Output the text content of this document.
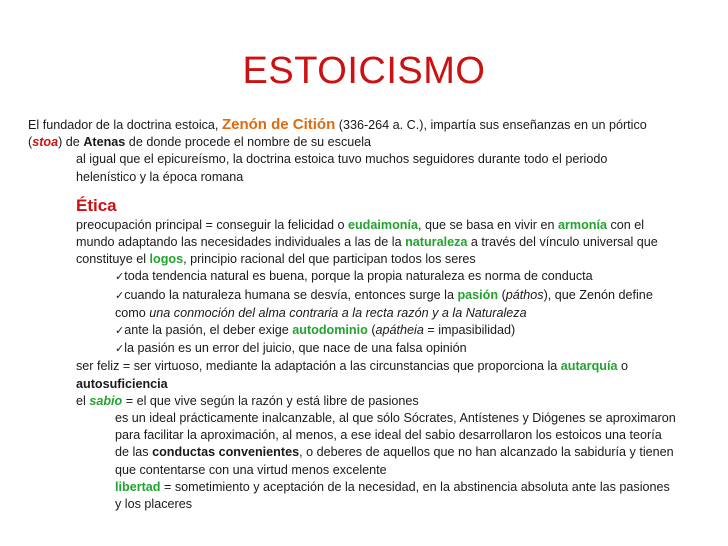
ESTOICISMO
El fundador de la doctrina estoica, Zenón de Citión (336-264 a. C.), impartía sus enseñanzas en un pórtico
(stoa) de Atenas de donde procede el nombre de su escuela
al igual que el epicureísmo, la doctrina estoica tuvo muchos seguidores durante todo el periodo
helenístico y la época romana
Ética
preocupación principal = conseguir la felicidad o eudaimonía, que se basa en vivir en armonía con el
mundo adaptando las necesidades individuales a las de la naturaleza a través del vínculo universal que
constituye el logos, principio racional del que participan todos los seres
✓toda tendencia natural es buena, porque la propia naturaleza es norma de conducta
✓cuando la naturaleza humana se desvía, entonces surge la pasión (páthos), que Zenón define
como una conmoción del alma contraria a la recta razón y a la Naturaleza
✓ante la pasión, el deber exige autodominio (apátheia = impasibilidad)
✓la pasión es un error del juicio, que nace de una falsa opinión
ser feliz = ser virtuoso, mediante la adaptación a las circunstancias que proporciona la autarquía o
autosuficiencia
el sabio = el que vive según la razón y está libre de pasiones
es un ideal prácticamente inalcanzable, al que sólo Sócrates, Antístenes y Diógenes se aproximaron
para facilitar la aproximación, al menos, a ese ideal del sabio desarrollaron los estoicos una teoría
de las conductas convenientes, o deberes de aquellos que no han alcanzado la sabiduría y tienen
que contentarse con una virtud menos excelente
libertad = sometimiento y aceptación de la necesidad, en la abstinencia absoluta ante las pasiones
y los placeres
